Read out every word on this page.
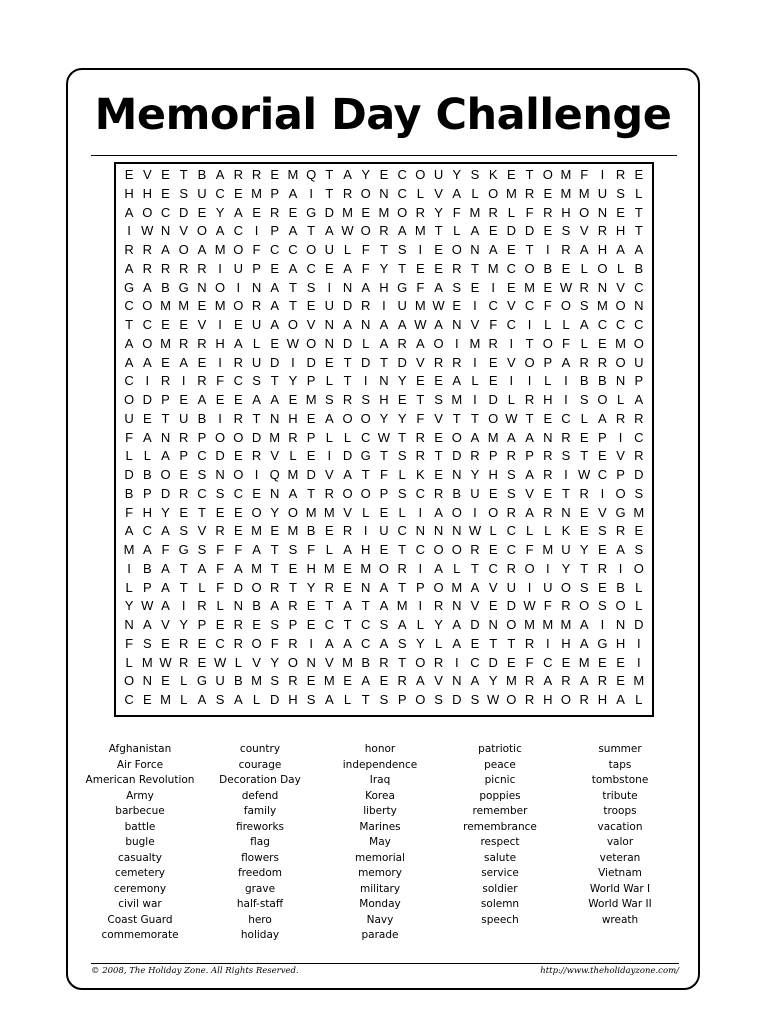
Memorial Day Challenge
E V E T B A R R E M Q T A Y E C O U Y S K E T O M F I R E
H H E S U C E M P A I T R O N C L V A L O M R E M M U S L
A O C D E Y A E R E G D M E M O R Y F M R L F R H O N E T
I W N V O A C I P A T A W O R A M T L A E D D E S V R H T
R R A O A M O F C C O U L F T S I E O N A E T I R A H A A
A R R R R I U P E A C E A F Y T E E R T M C O B E L O L B
G A B G N O I N A T S I N A H G F A S E I E M E W R N V C
C O M M E M O R A T E U D R I U M W E I C V C F O S M O N
T C E E V I E U A O V N A N A A W A N V F C I L L A C C C
A O M R R H A L E W O N D L A R A O I M R I T O F L E M O
A A E A E I R U D I D E T D T D V R R I E V O P A R R O U
C I R I R F C S T Y P L T I N Y E E A L E I	I L I B B N P
O D P E A E E A A E M S R S H E T S M I D L R H I S O L A
U E T U B I R T N H E A O O Y Y F V T T O W T E C L A R R
F A N R P O O D M R P L L C W T R E O A M A A N R E P I C
L L A P C D E R V L E I D G T S R T D R P R P R S T E V R
D B O E S N O I Q M D V A T F L K E N Y H S A R I W C P D
B P D R C S C E N A T R O O P S C R B U E S V E T R I O S
F H Y E T E E O Y O M M V L E L I A O I O R A R N E V G M
A C A S V R E M E M B E R I U C N N N W L C L L K E S R E
M A F G S F F A T S F L A H E T C O O R E C F M U Y E A S
I B A T A F A M T E H M E M O R I A L T C R O I Y T R I O
L P A T L F D O R T Y R E N A T P O M A V U I U O S E B L
Y W A I R L N B A R E T A T A M I R N V E D W F R O S O L
N A V Y P E R E S P E C T C S A L Y A D N O M M M A I N D
F S E R E C R O F R I A A C A S Y L A E T T R I H A G H I
L M W R E W L V Y O N V M B R T O R I C D E F C E M E E I
O N E L G U B M S R E M E A E R A V N A Y M R A R A R E M
C E M L A S A L D H S A L T S P O S D S W O R H O R H A L
Afghanistan
Air Force
American Revolution
Army
barbecue
battle
bugle
casualty
cemetery
ceremony
civil war
Coast Guard
commemorate
country
courage
Decoration Day
defend
family
fireworks
flag
flowers
freedom
grave
half-staff
hero
holiday
honor
independence
Iraq
Korea
liberty
Marines
May
memorial
memory
military
Monday
Navy
parade
patriotic
peace
picnic
poppies
remember
remembrance
respect
salute
service
soldier
solemn
speech
summer
taps
tombstone
tribute
troops
vacation
valor
veteran
Vietnam
World War I
World War II
wreath
© 2008, The Holiday Zone. All Rights Reserved.	http://www.theholidayzone.com/
